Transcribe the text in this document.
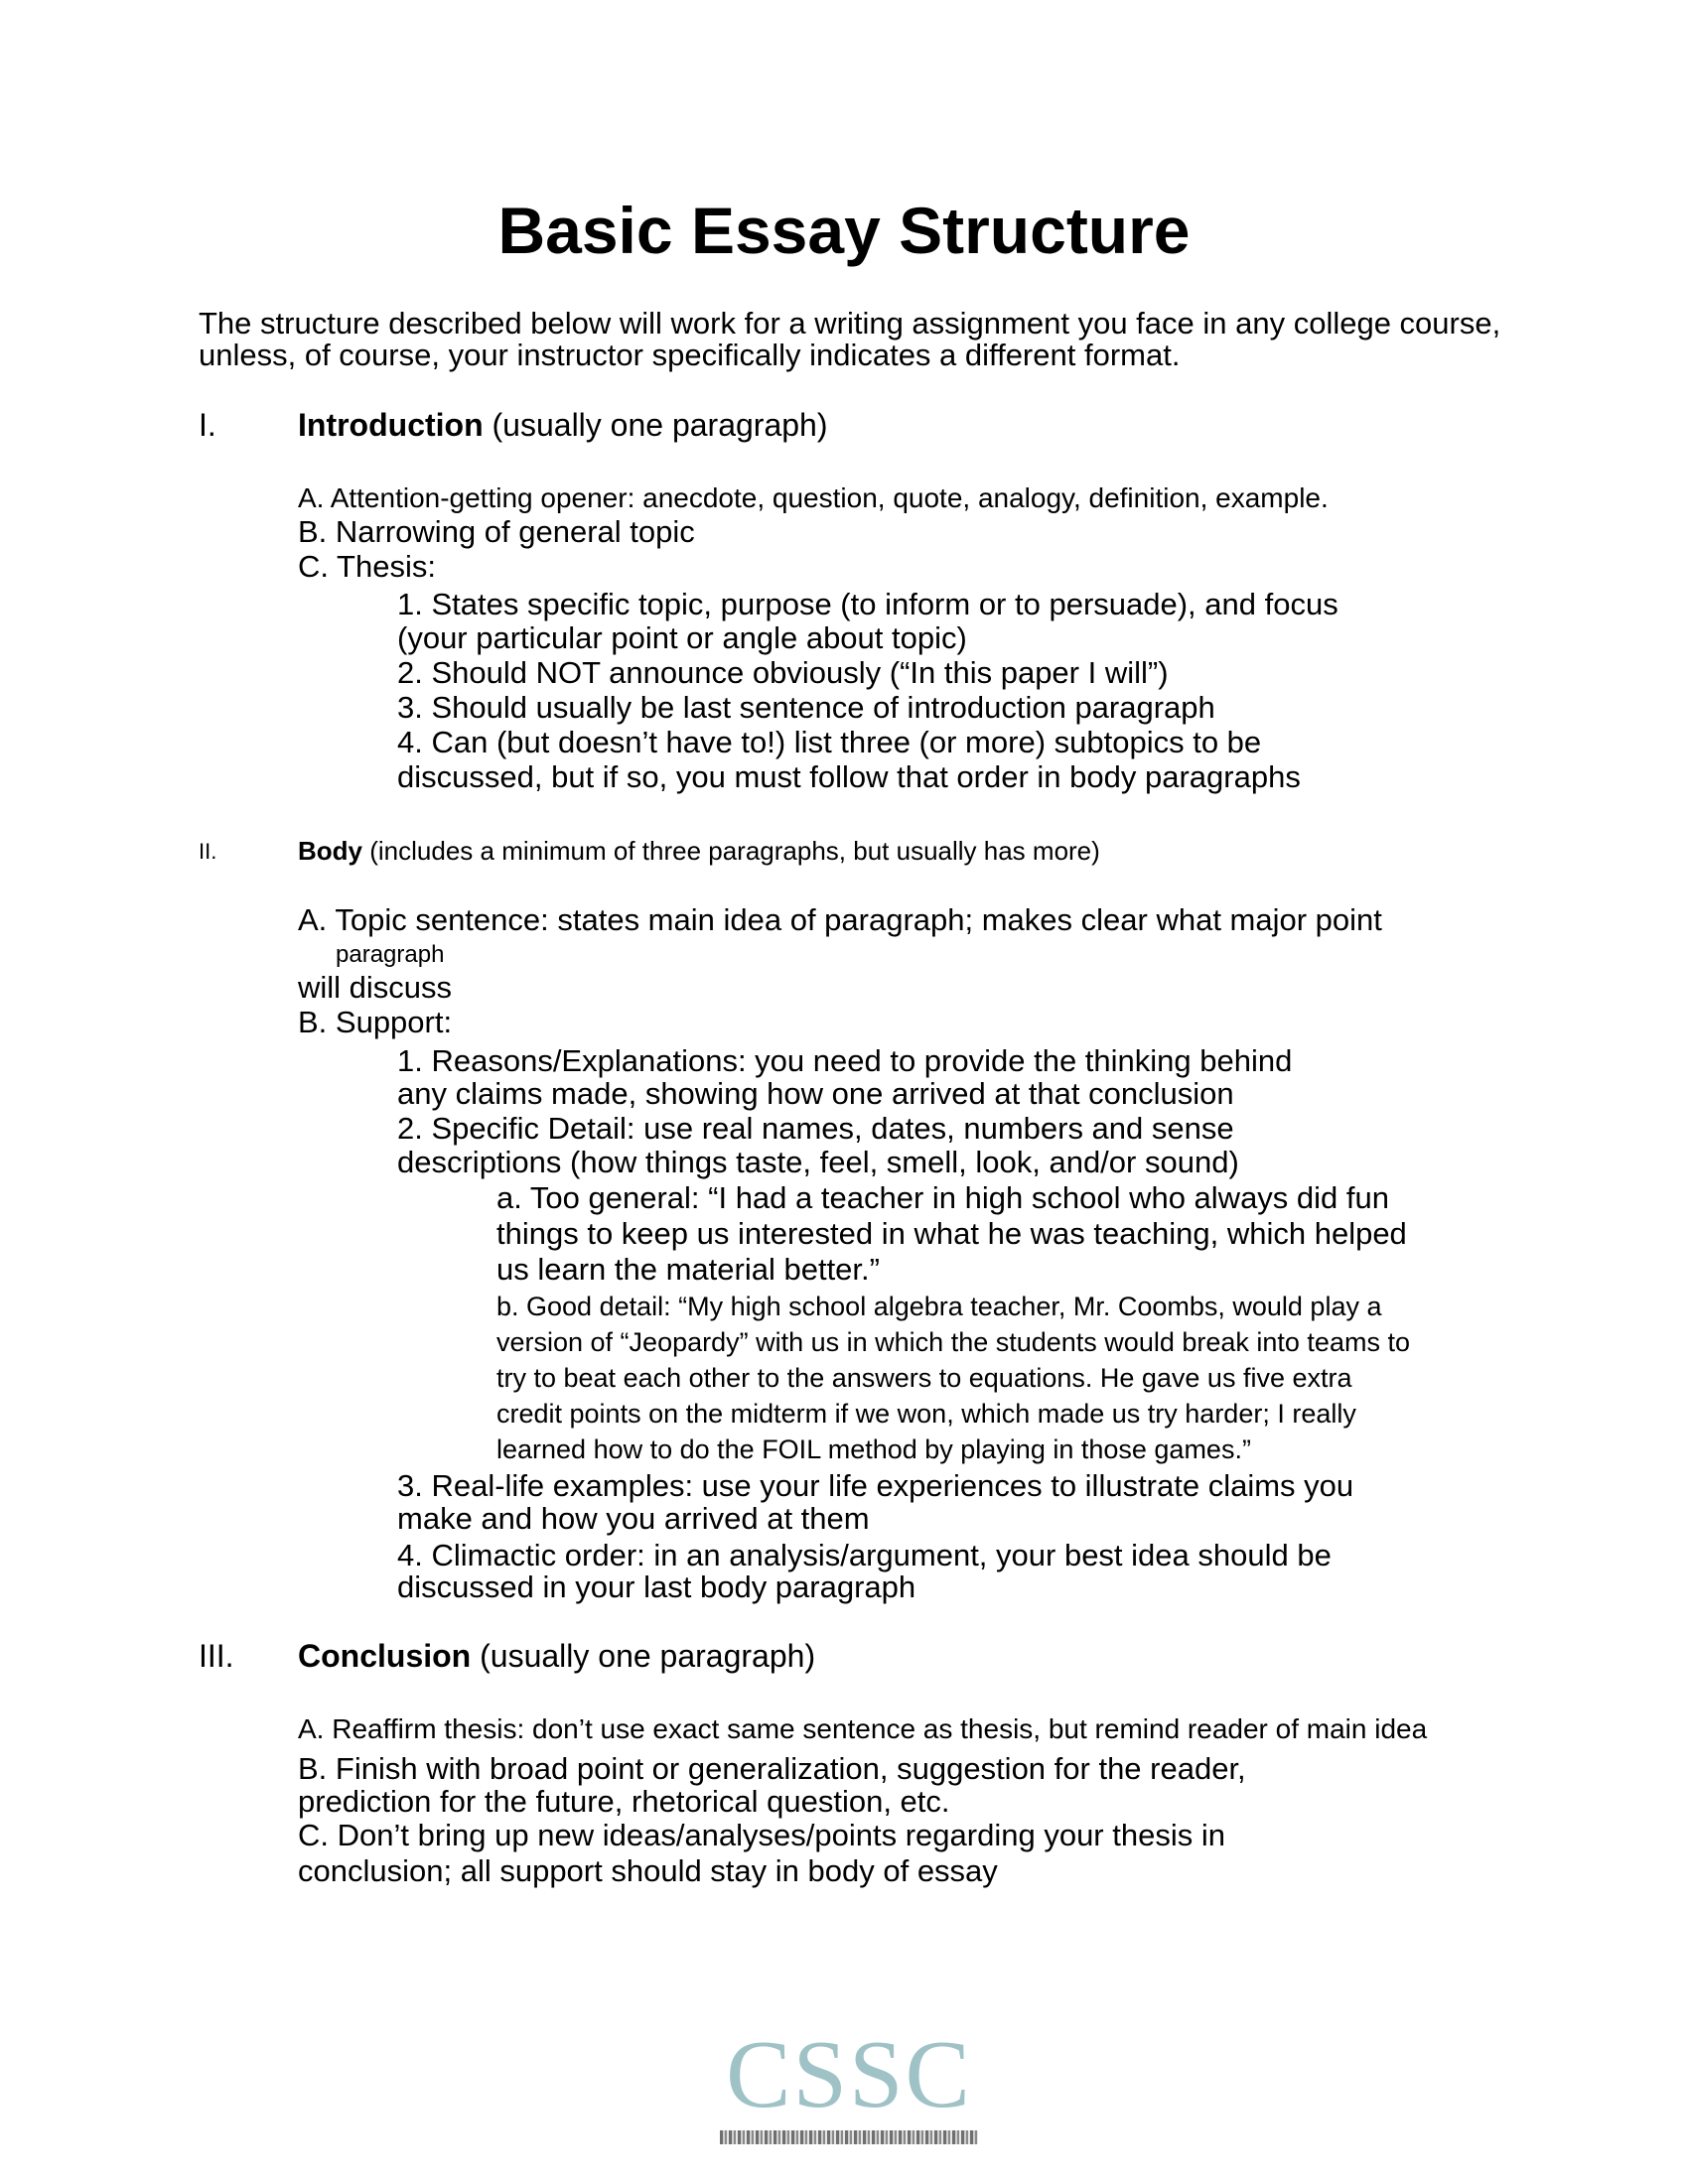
Basic Essay Structure
The structure described below will work for a writing assignment you face in any college course, unless, of course, your instructor specifically indicates a different format.
I.	Introduction (usually one paragraph)
A. Attention-getting opener: anecdote, question, quote, analogy, definition, example.
B. Narrowing of general topic
C. Thesis:
1. States specific topic, purpose (to inform or to persuade), and focus
(your particular point or angle about topic)
2. Should NOT announce obviously (“In this paper I will”)
3. Should usually be last sentence of introduction paragraph
4. Can (but doesn’t have to!) list three (or more) subtopics to be
discussed, but if so, you must follow that order in body paragraphs
II.	Body (includes a minimum of three paragraphs, but usually has more)
A. Topic sentence: states main idea of paragraph; makes clear what major point
paragraph
will discuss
B. Support:
1. Reasons/Explanations: you need to provide the thinking behind
any claims made, showing how one arrived at that conclusion
2. Specific Detail: use real names, dates, numbers and sense
descriptions (how things taste, feel, smell, look, and/or sound)
a. Too general: “I had a teacher in high school who always did fun
things to keep us interested in what he was teaching, which helped
us learn the material better.”
b. Good detail: “My high school algebra teacher, Mr. Coombs, would play a
version of “Jeopardy” with us in which the students would break into teams to
try to beat each other to the answers to equations. He gave us five extra
credit points on the midterm if we won, which made us try harder; I really
learned how to do the FOIL method by playing in those games.”
3. Real-life examples: use your life experiences to illustrate claims you
make and how you arrived at them
4. Climactic order: in an analysis/argument, your best idea should be
discussed in your last body paragraph
III. Conclusion (usually one paragraph)
A. Reaffirm thesis: don’t use exact same sentence as thesis, but remind reader of main idea
B. Finish with broad point or generalization, suggestion for the reader,
prediction for the future, rhetorical question, etc.
C. Don’t bring up new ideas/analyses/points regarding your thesis in
conclusion; all support should stay in body of essay
CSSC
